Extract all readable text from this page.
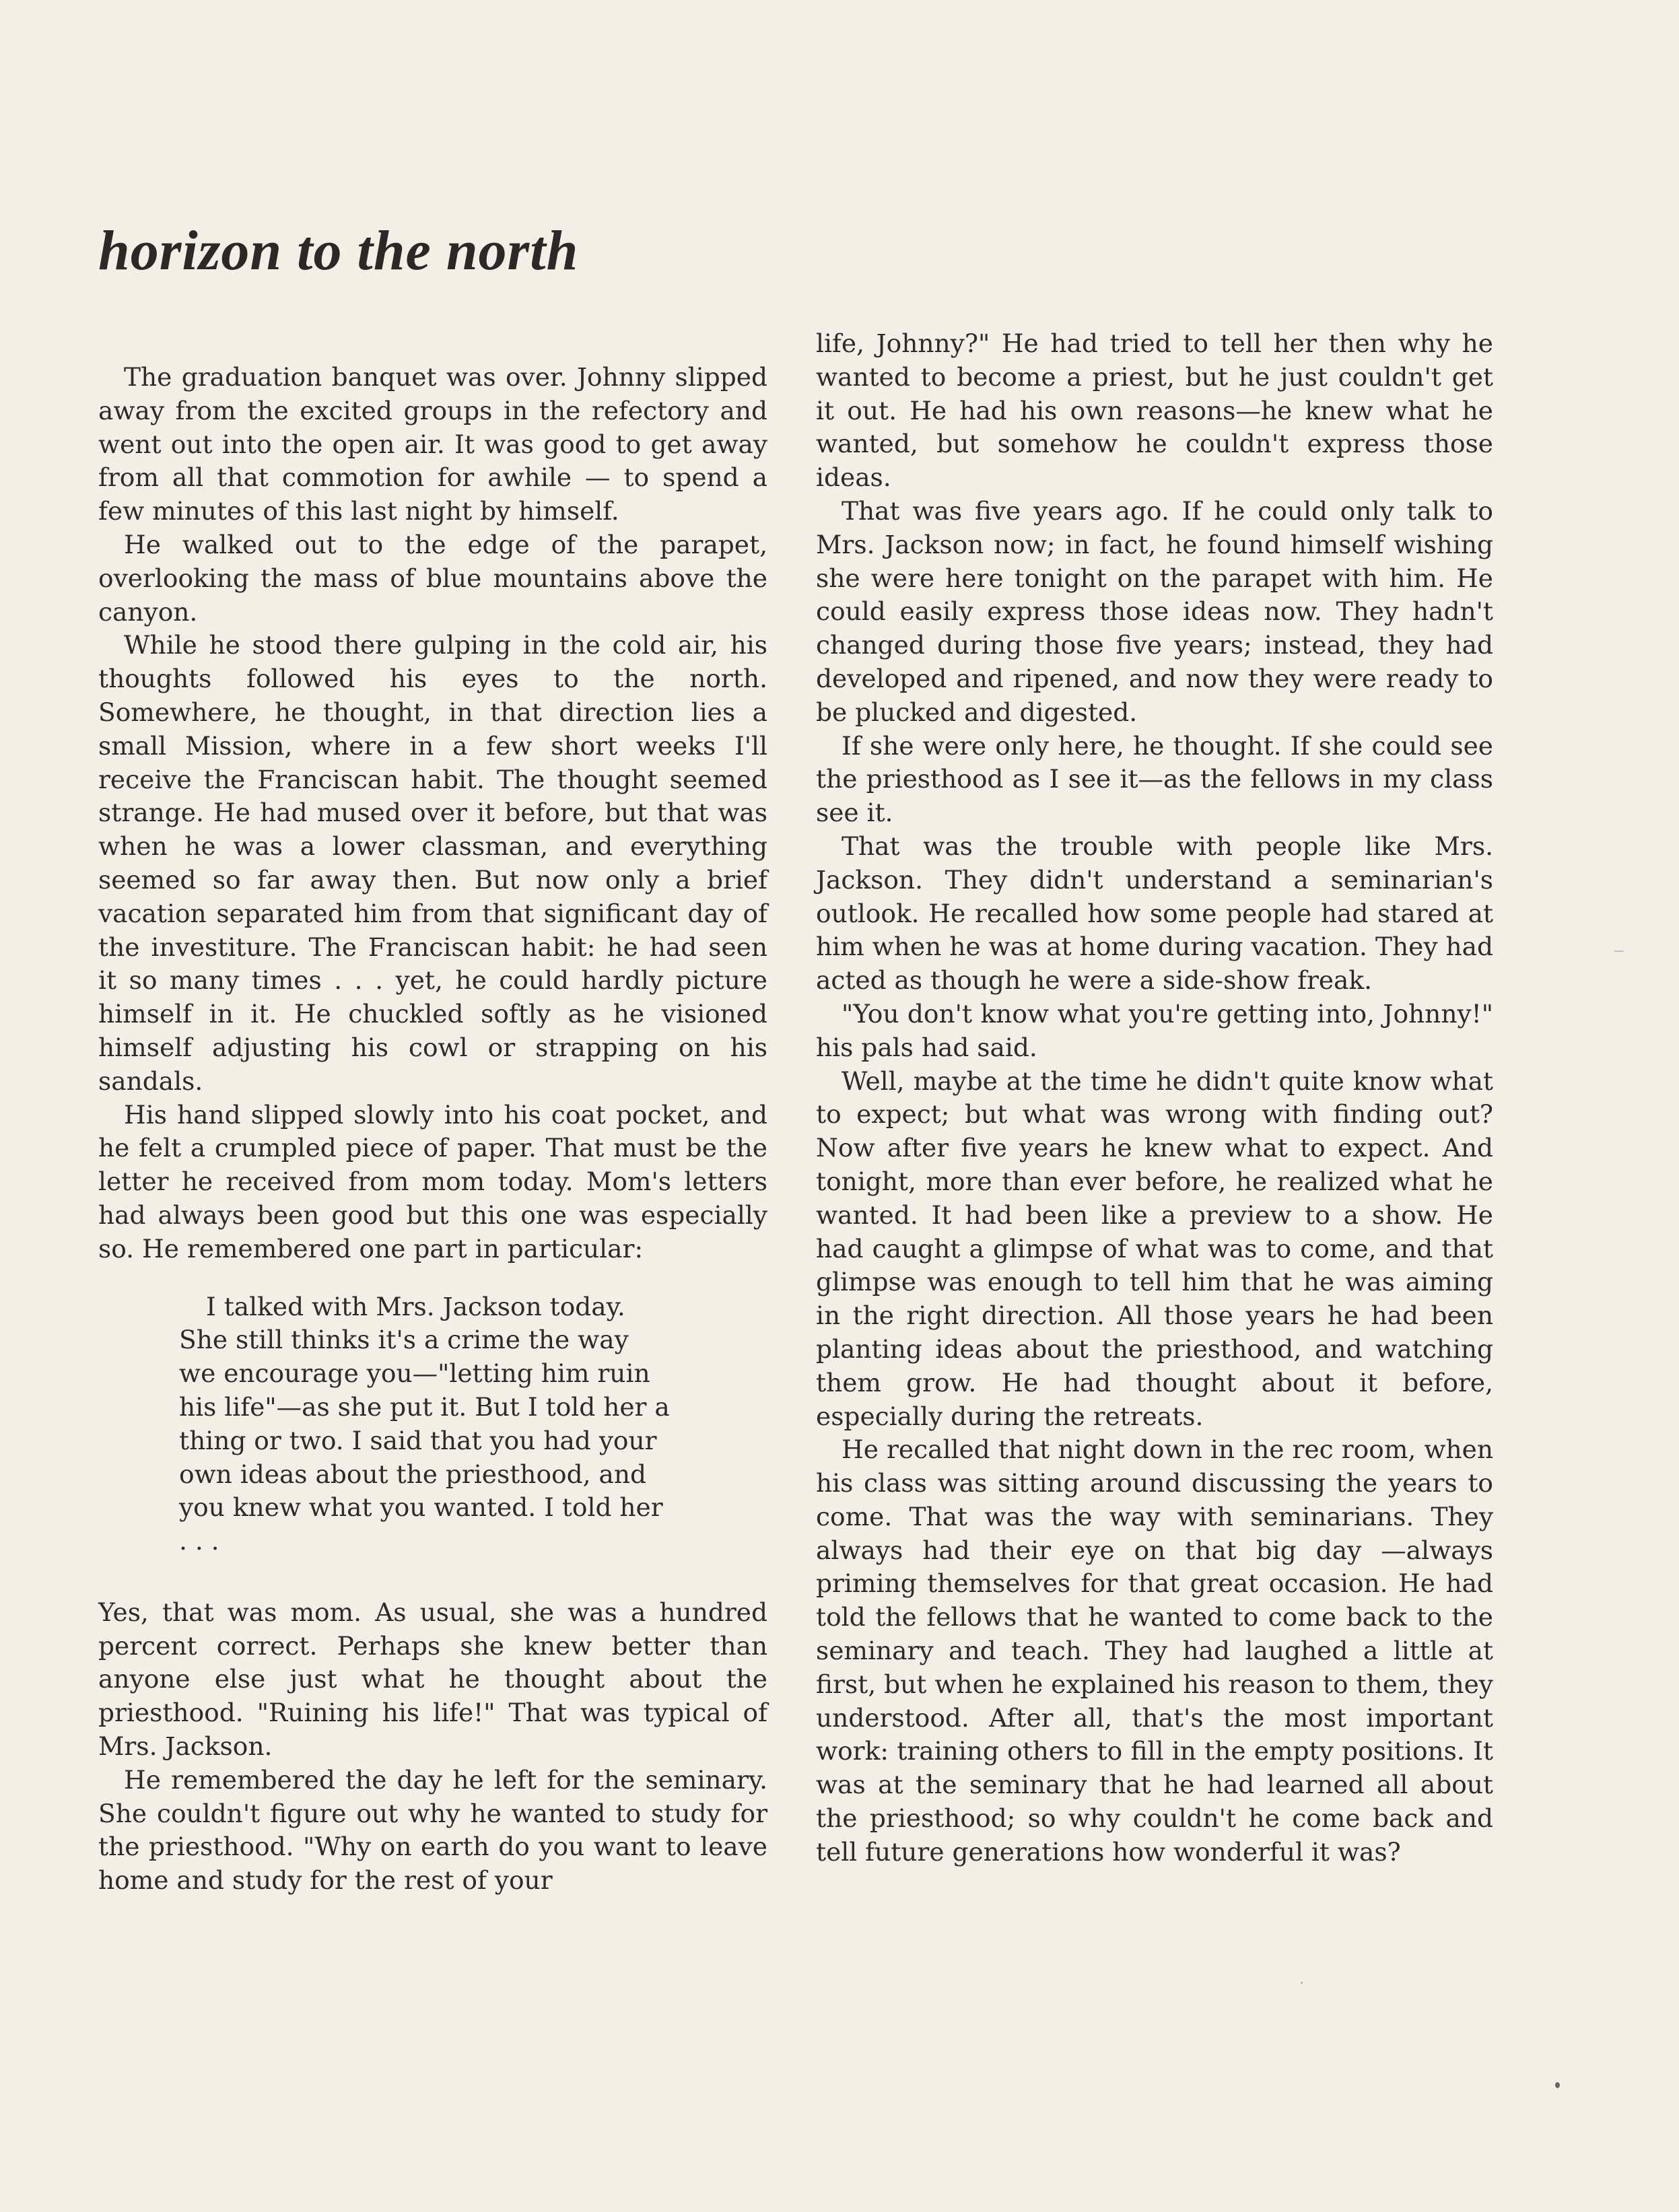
horizon to the north

The graduation banquet was over. Johnny slipped away from the excited groups in the refectory and went out into the open air. It was good to get away from all that commotion for awhile — to spend a few minutes of this last night by himself.

He walked out to the edge of the parapet, overlooking the mass of blue mountains above the canyon.

While he stood there gulping in the cold air, his thoughts followed his eyes to the north. Somewhere, he thought, in that direction lies a small Mission, where in a few short weeks I'll receive the Franciscan habit. The thought seemed strange. He had mused over it before, but that was when he was a lower classman, and everything seemed so far away then. But now only a brief vacation separated him from that significant day of the investiture. The Franciscan habit: he had seen it so many times . . . yet, he could hardly picture himself in it. He chuckled softly as he visioned himself adjusting his cowl or strapping on his sandals.

His hand slipped slowly into his coat pocket, and he felt a crumpled piece of paper. That must be the letter he received from mom today. Mom's letters had always been good but this one was especially so. He remembered one part in particular:

I talked with Mrs. Jackson today. She still thinks it's a crime the way we encourage you—"letting him ruin his life"—as she put it. But I told her a thing or two. I said that you had your own ideas about the priesthood, and you knew what you wanted. I told her . . .

Yes, that was mom. As usual, she was a hundred percent correct. Perhaps she knew better than anyone else just what he thought about the priesthood. "Ruining his life!" That was typical of Mrs. Jackson.

He remembered the day he left for the seminary. She couldn't figure out why he wanted to study for the priesthood. "Why on earth do you want to leave home and study for the rest of your

life, Johnny?" He had tried to tell her then why he wanted to become a priest, but he just couldn't get it out. He had his own reasons—he knew what he wanted, but somehow he couldn't express those ideas.

That was five years ago. If he could only talk to Mrs. Jackson now; in fact, he found himself wishing she were here tonight on the parapet with him. He could easily express those ideas now. They hadn't changed during those five years; instead, they had developed and ripened, and now they were ready to be plucked and digested.

If she were only here, he thought. If she could see the priesthood as I see it—as the fellows in my class see it.

That was the trouble with people like Mrs. Jackson. They didn't understand a seminarian's outlook. He recalled how some people had stared at him when he was at home during vacation. They had acted as though he were a side-show freak.

"You don't know what you're getting into, Johnny!" his pals had said.

Well, maybe at the time he didn't quite know what to expect; but what was wrong with finding out? Now after five years he knew what to expect. And tonight, more than ever before, he realized what he wanted. It had been like a preview to a show. He had caught a glimpse of what was to come, and that glimpse was enough to tell him that he was aiming in the right direction. All those years he had been planting ideas about the priesthood, and watching them grow. He had thought about it before, especially during the retreats.

He recalled that night down in the rec room, when his class was sitting around discussing the years to come. That was the way with seminarians. They always had their eye on that big day —always priming themselves for that great occasion. He had told the fellows that he wanted to come back to the seminary and teach. They had laughed a little at first, but when he explained his reason to them, they understood. After all, that's the most important work: training others to fill in the empty positions. It was at the seminary that he had learned all about the priesthood; so why couldn't he come back and tell future generations how wonderful it was?
